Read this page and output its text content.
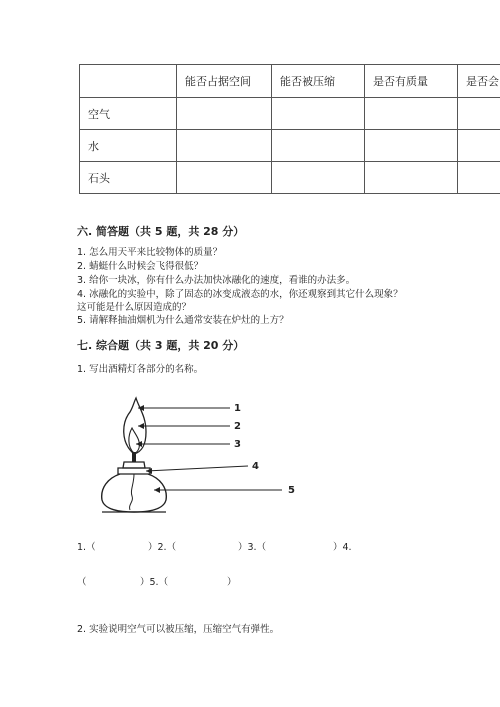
	能否占据空间	能否被压缩	是否有质量	是否会
空气				
水				
石头				
六. 简答题（共 5 题，共 28 分）
1. 怎么用天平来比较物体的质量？
2. 蜻蜓什么时候会飞得很低？
3. 给你一块冰，你有什么办法加快冰融化的速度，看谁的办法多。
4. 冰融化的实验中，除了固态的冰变成液态的水，你还观察到其它什么现象？
这可能是什么原因造成的？
5. 请解释抽油烟机为什么通常安装在炉灶的上方？
七. 综合题（共 3 题，共 20 分）
1. 写出酒精灯各部分的名称。
1
2
3
4
5
1.（	）2.（	）3.（	）4.
（	）5.（	）
2. 实验说明空气可以被压缩，压缩空气有弹性。
